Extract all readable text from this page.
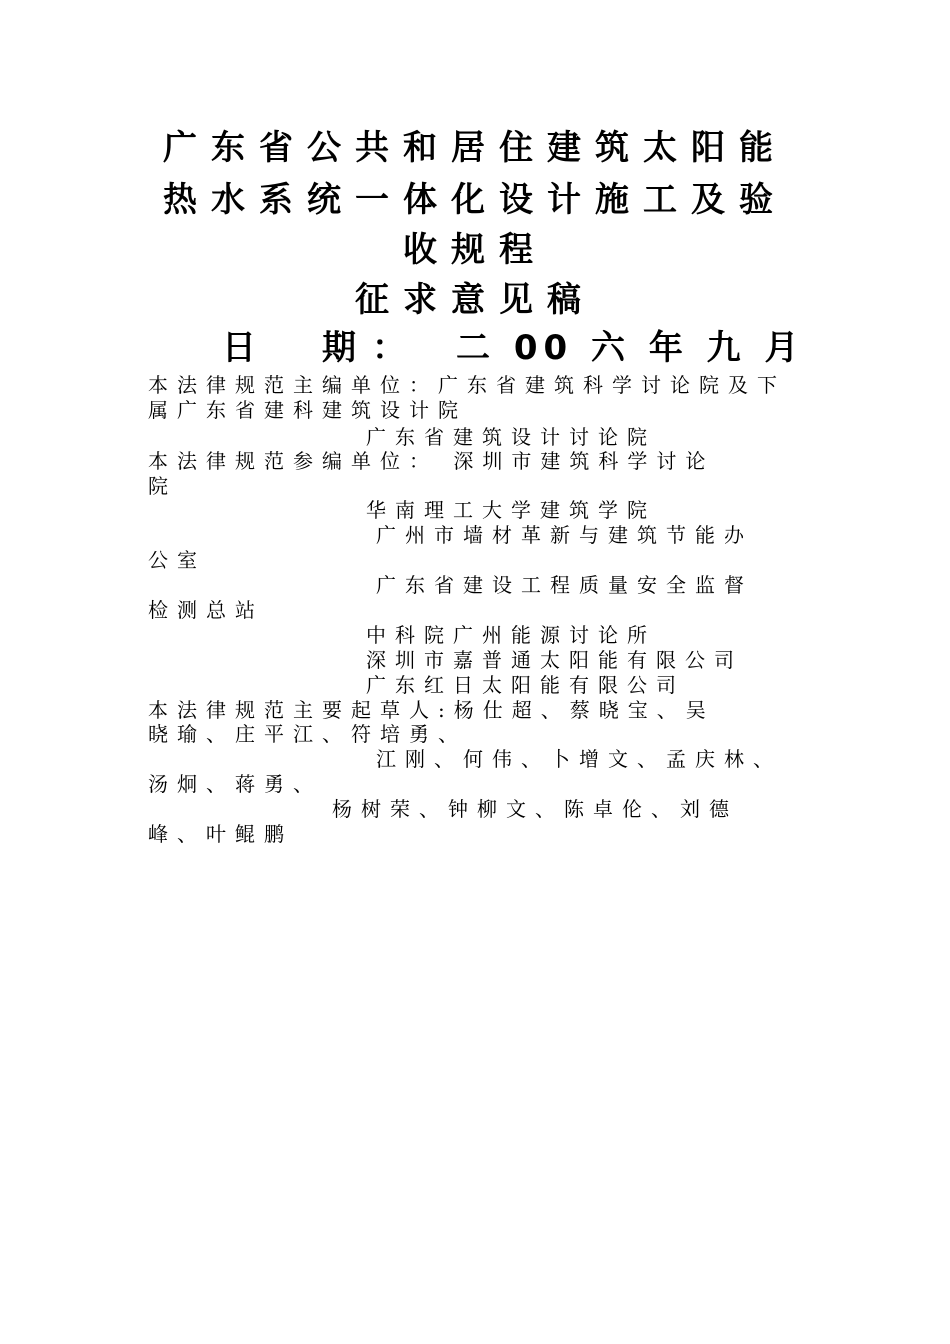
广东省公共和居住建筑太阳能
热水系统一体化设计施工及验
收规程
征求意见稿
日　期： 二 00 六 年 九 月
本法律规范主编单位：广东省建筑科学讨论院及下
属广东省建科建筑设计院
广东省建筑设计讨论院
本法律规范参编单位： 深圳市建筑科学讨论
院
华南理工大学建筑学院
广州市墙材革新与建筑节能办
公室
广东省建设工程质量安全监督
检测总站
中科院广州能源讨论所
深圳市嘉普通太阳能有限公司
广东红日太阳能有限公司
本法律规范主要起草人:杨仕超、蔡晓宝、吴
晓瑜、庄平江、符培勇、
江刚、何伟、卜增文、孟庆林、
汤炯、蒋勇、
杨树荣、钟柳文、陈卓伦、刘德
峰、叶鲲鹏
